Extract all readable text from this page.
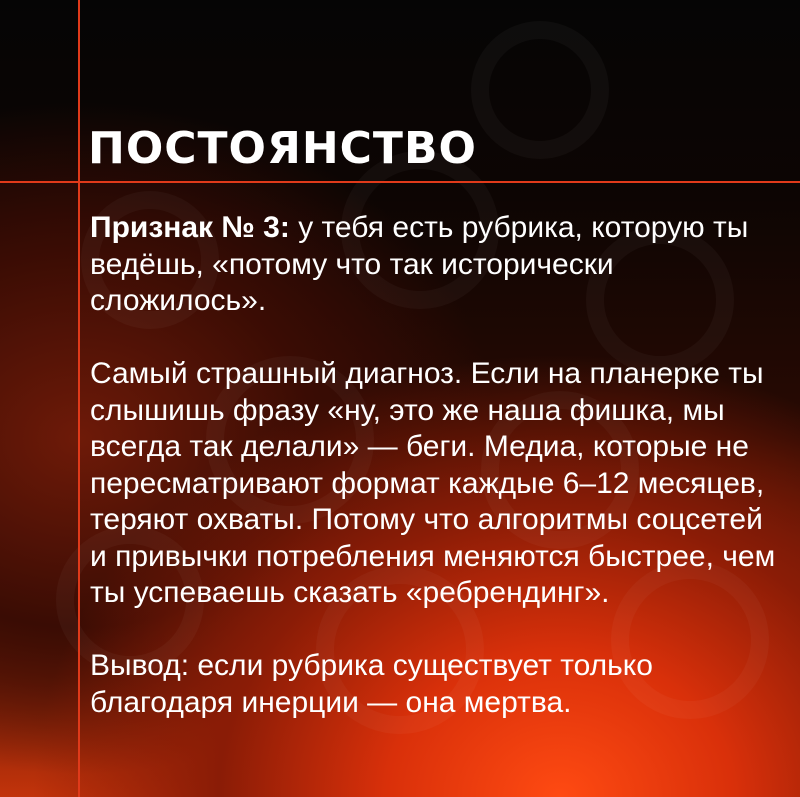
ПОСТОЯНСТВО

Признак № 3: у тебя есть рубрика, которую ты ведёшь, «потому что так исторически сложилось».

Самый страшный диагноз. Если на планерке ты слышишь фразу «ну, это же наша фишка, мы всегда так делали» — беги. Медиа, которые не пересматривают формат каждые 6–12 месяцев, теряют охваты. Потому что алгоритмы соцсетей и привычки потребления меняются быстрее, чем ты успеваешь сказать «ребрендинг».

Вывод: если рубрика существует только благодаря инерции — она мертва.
